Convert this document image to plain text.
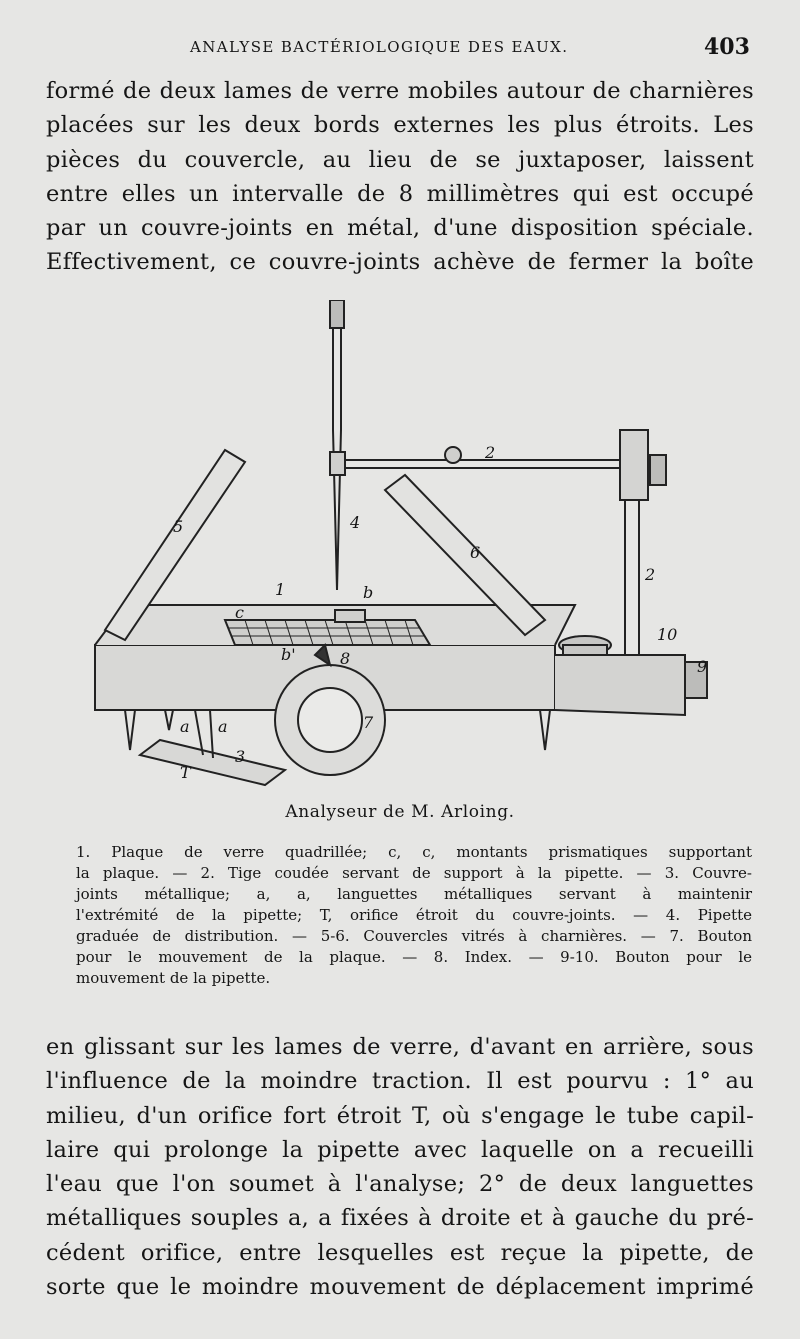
ANALYSE BACTÉRIOLOGIQUE DES EAUX.	403
formé de deux lames de verre mobiles autour de charnières
placées sur les deux bords externes les plus étroits. Les
pièces du couvercle, au lieu de se juxtaposer, laissent
entre elles un intervalle de 8 millimètres qui est occupé
par un couvre-joints en métal, d'une disposition spéciale.
Effectivement, ce couvre-joints achève de fermer la boîte
1
2
2
3
4
5
6
7
8	9
10
a a
b
b'
c
T
Analyseur de M. Arloing.
1. Plaque de verre quadrillée; c, c, montants prismatiques supportant
la plaque. — 2. Tige coudée servant de support à la pipette. — 3. Couvre-
joints métallique; a, a, languettes métalliques servant à maintenir
l'extrémité de la pipette; T, orifice étroit du couvre-joints. — 4. Pipette
graduée de distribution. — 5-6. Couvercles vitrés à charnières. — 7. Bouton
pour le mouvement de la plaque. — 8. Index. — 9-10. Bouton pour le
mouvement de la pipette.
en glissant sur les lames de verre, d'avant en arrière, sous
l'influence de la moindre traction. Il est pourvu : 1° au
milieu, d'un orifice fort étroit T, où s'engage le tube capil-
laire qui prolonge la pipette avec laquelle on a recueilli
l'eau que l'on soumet à l'analyse; 2° de deux languettes
métalliques souples a, a fixées à droite et à gauche du pré-
cédent orifice, entre lesquelles est reçue la pipette, de
sorte que le moindre mouvement de déplacement imprimé
